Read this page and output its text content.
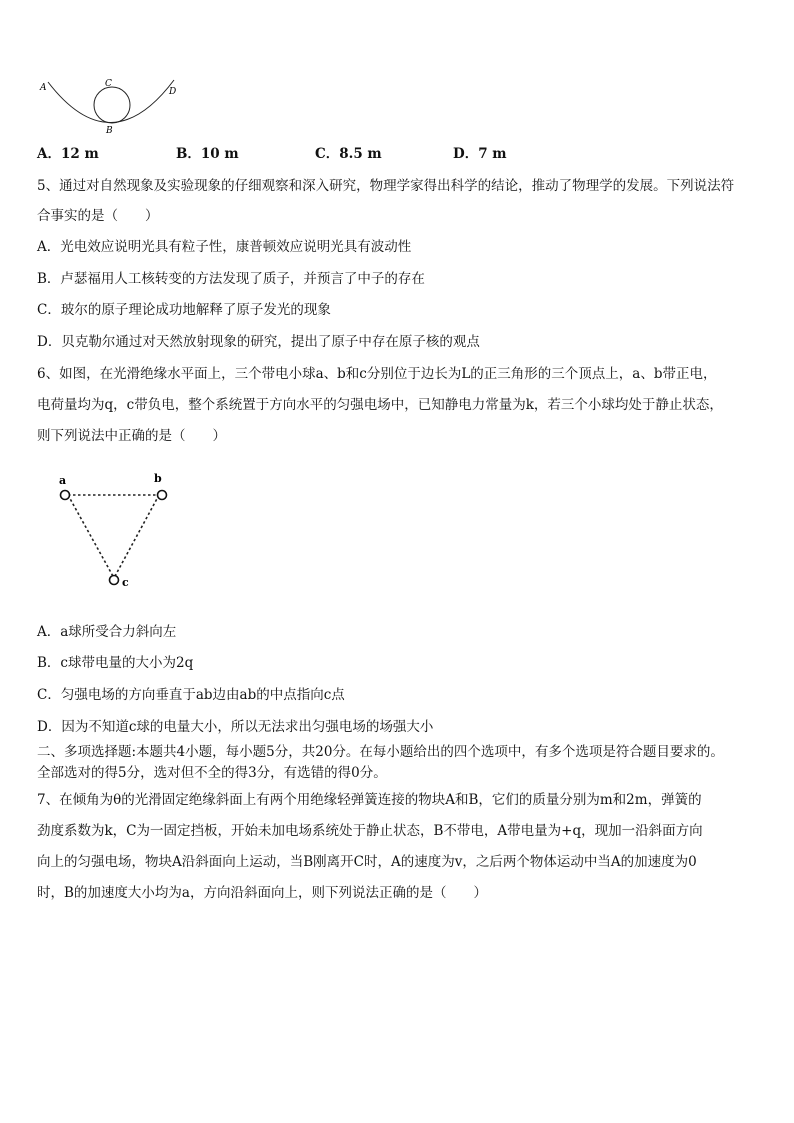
A	C
D
B
A．12 m	B．10 m	C．8.5 m	D．7 m
5、通过对自然现象及实验现象的仔细观察和深入研究，物理学家得出科学的结论，推动了物理学的发展。下列说法符
合事实的是（　　）
A．光电效应说明光具有粒子性，康普顿效应说明光具有波动性
B．卢瑟福用人工核转变的方法发现了质子，并预言了中子的存在
C．玻尔的原子理论成功地解释了原子发光的现象
D．贝克勒尔通过对天然放射现象的研究，提出了原子中存在原子核的观点
6、如图，在光滑绝缘水平面上，三个带电小球a、b和c分别位于边长为L的正三角形的三个顶点上，a、b带正电，
电荷量均为q，c带负电，整个系统置于方向水平的匀强电场中，已知静电力常量为k，若三个小球均处于静止状态，
则下列说法中正确的是（　　）
a	b
c
A．a球所受合力斜向左
B．c球带电量的大小为2q
C．匀强电场的方向垂直于ab边由ab的中点指向c点
D．因为不知道c球的电量大小，所以无法求出匀强电场的场强大小
二、多项选择题:本题共4小题，每小题5分，共20分。在每小题给出的四个选项中，有多个选项是符合题目要求的。
全部选对的得5分，选对但不全的得3分，有选错的得0分。
7、在倾角为θ的光滑固定绝缘斜面上有两个用绝缘轻弹簧连接的物块A和B，它们的质量分别为m和2m，弹簧的
劲度系数为k，C为一固定挡板，开始未加电场系统处于静止状态，B不带电，A带电量为+q，现加一沿斜面方向
向上的匀强电场，物块A沿斜面向上运动，当B刚离开C时，A的速度为v，之后两个物体运动中当A的加速度为0
时，B的加速度大小均为a，方向沿斜面向上，则下列说法正确的是（　　）
